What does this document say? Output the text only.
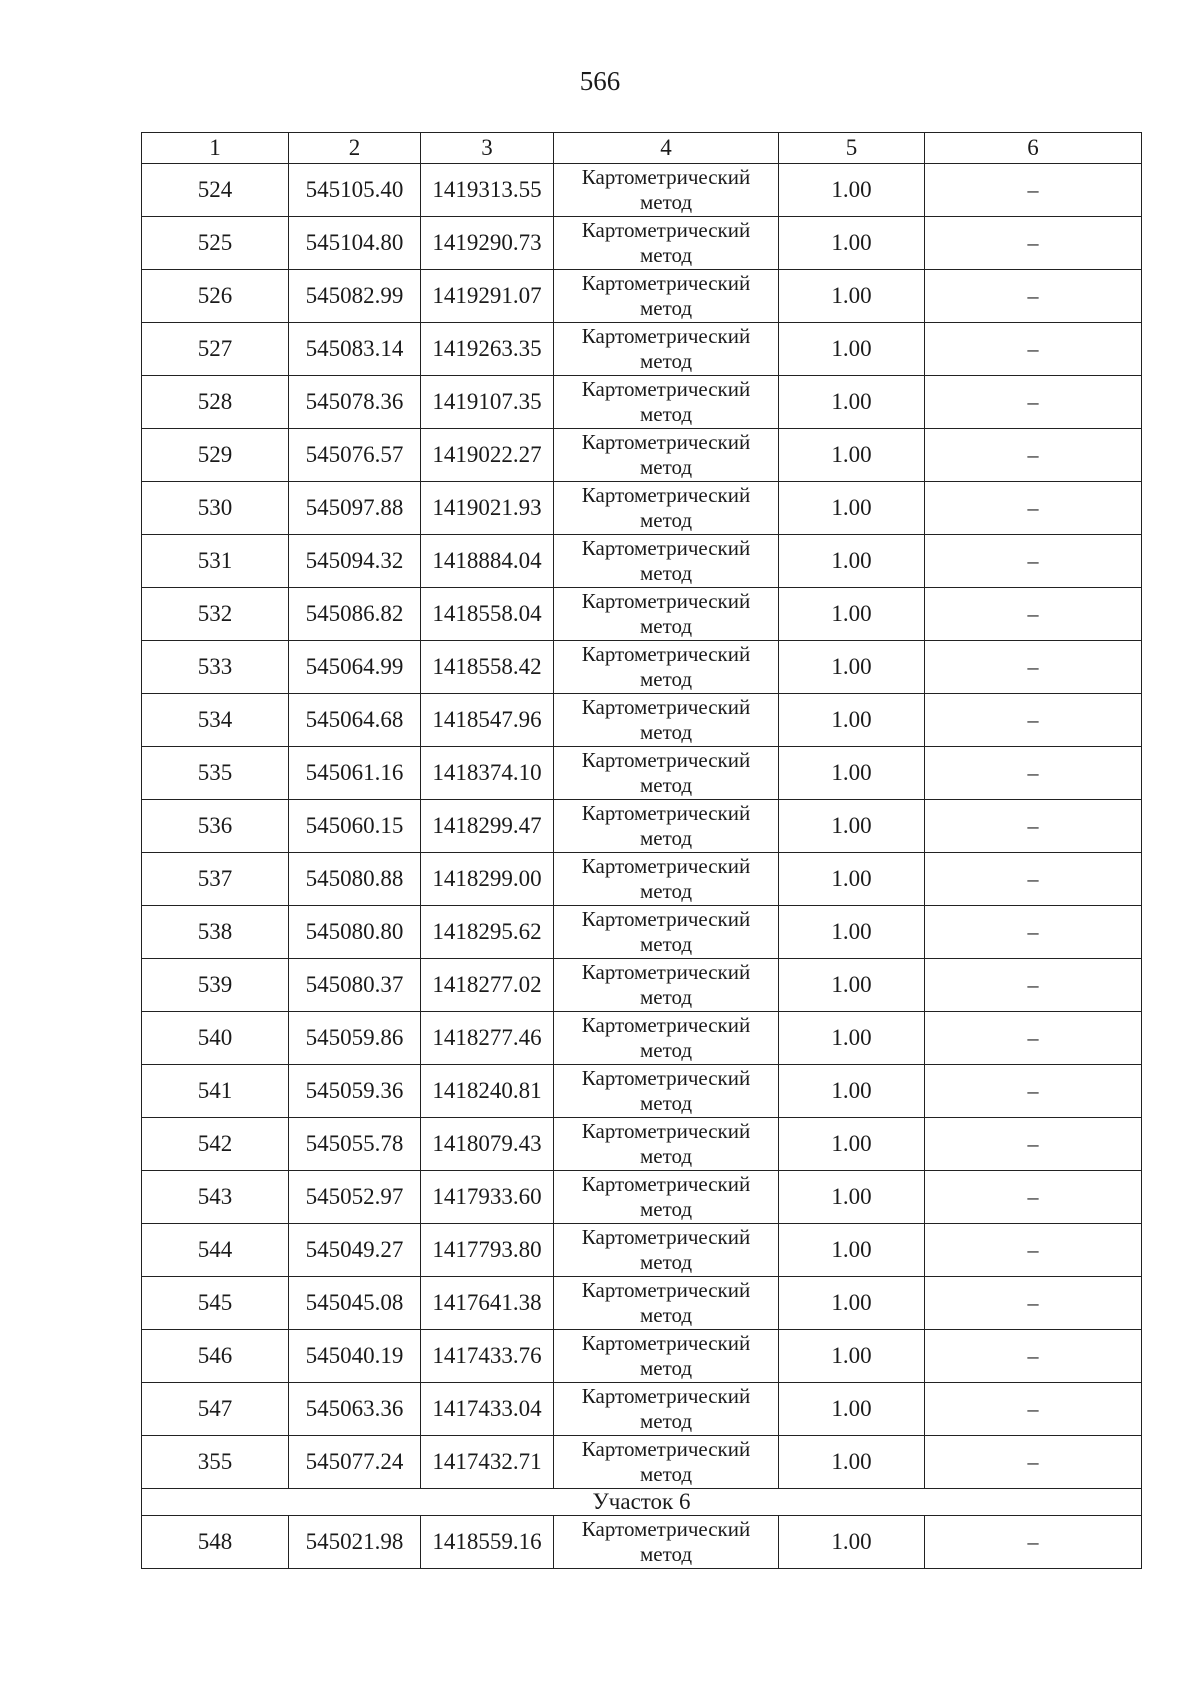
566
1	2	3	4	5	6
524	545105.40	1419313.55	Картометрический метод	1.00	–
525	545104.80	1419290.73	Картометрический метод	1.00	–
526	545082.99	1419291.07	Картометрический метод	1.00	–
527	545083.14	1419263.35	Картометрический метод	1.00	–
528	545078.36	1419107.35	Картометрический метод	1.00	–
529	545076.57	1419022.27	Картометрический метод	1.00	–
530	545097.88	1419021.93	Картометрический метод	1.00	–
531	545094.32	1418884.04	Картометрический метод	1.00	–
532	545086.82	1418558.04	Картометрический метод	1.00	–
533	545064.99	1418558.42	Картометрический метод	1.00	–
534	545064.68	1418547.96	Картометрический метод	1.00	–
535	545061.16	1418374.10	Картометрический метод	1.00	–
536	545060.15	1418299.47	Картометрический метод	1.00	–
537	545080.88	1418299.00	Картометрический метод	1.00	–
538	545080.80	1418295.62	Картометрический метод	1.00	–
539	545080.37	1418277.02	Картометрический метод	1.00	–
540	545059.86	1418277.46	Картометрический метод	1.00	–
541	545059.36	1418240.81	Картометрический метод	1.00	–
542	545055.78	1418079.43	Картометрический метод	1.00	–
543	545052.97	1417933.60	Картометрический метод	1.00	–
544	545049.27	1417793.80	Картометрический метод	1.00	–
545	545045.08	1417641.38	Картометрический метод	1.00	–
546	545040.19	1417433.76	Картометрический метод	1.00	–
547	545063.36	1417433.04	Картометрический метод	1.00	–
355	545077.24	1417432.71	Картометрический метод	1.00	–
Участок 6					
548	545021.98	1418559.16	Картометрический метод	1.00	–
